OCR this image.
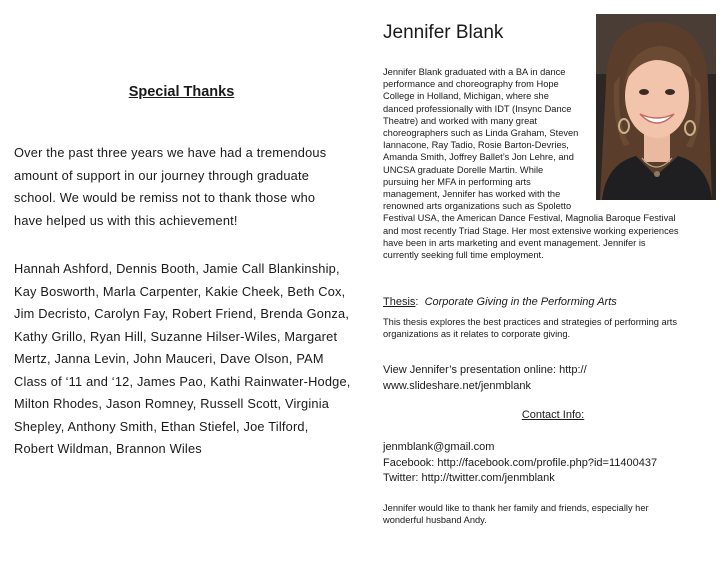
Special Thanks
Over the past three years we have had a tremendous
amount of support in our journey through graduate
school. We would be remiss not to thank those who
have helped us with this achievement!
Hannah Ashford, Dennis Booth, Jamie Call Blankinship,
Kay Bosworth, Marla Carpenter, Kakie Cheek, Beth Cox,
Jim Decristo, Carolyn Fay, Robert Friend, Brenda Gonza,
Kathy Grillo, Ryan Hill, Suzanne Hilser-Wiles, Margaret
Mertz, Janna Levin, John Mauceri, Dave Olson, PAM
Class of ‘11 and ‘12, James Pao, Kathi Rainwater-Hodge,
Milton Rhodes, Jason Romney, Russell Scott, Virginia
Shepley, Anthony Smith, Ethan Stiefel, Joe Tilford,
Robert Wildman, Brannon Wiles
Jennifer Blank
Jennifer Blank graduated with a BA in dance
performance and choreography from Hope
College in Holland, Michigan, where she
danced professionally with IDT (Insync Dance
Theatre) and worked with many great
choreographers such as Linda Graham, Steven
Iannacone, Ray Tadio, Rosie Barton-Devries,
Amanda Smith, Joffrey Ballet’s Jon Lehre, and
UNCSA graduate Dorelle Martin. While
pursuing her MFA in performing arts
management, Jennifer has worked with the
renowned arts organizations such as Spoletto
Festival USA, the American Dance Festival, Magnolia Baroque Festival
and most recently Triad Stage. Her most extensive working experiences
have been in arts marketing and event management. Jennifer is
currently seeking full time employment.
Thesis:  Corporate Giving in the Performing Arts
This thesis explores the best practices and strategies of performing arts
organizations as it relates to corporate giving.
View Jennifer’s presentation online: http://
www.slideshare.net/jenmblank
Contact Info:
jenmblank@gmail.com
Facebook: http://facebook.com/profile.php?id=11400437
Twitter: http://twitter.com/jenmblank
Jennifer would like to thank her family and friends, especially her
wonderful husband Andy.
